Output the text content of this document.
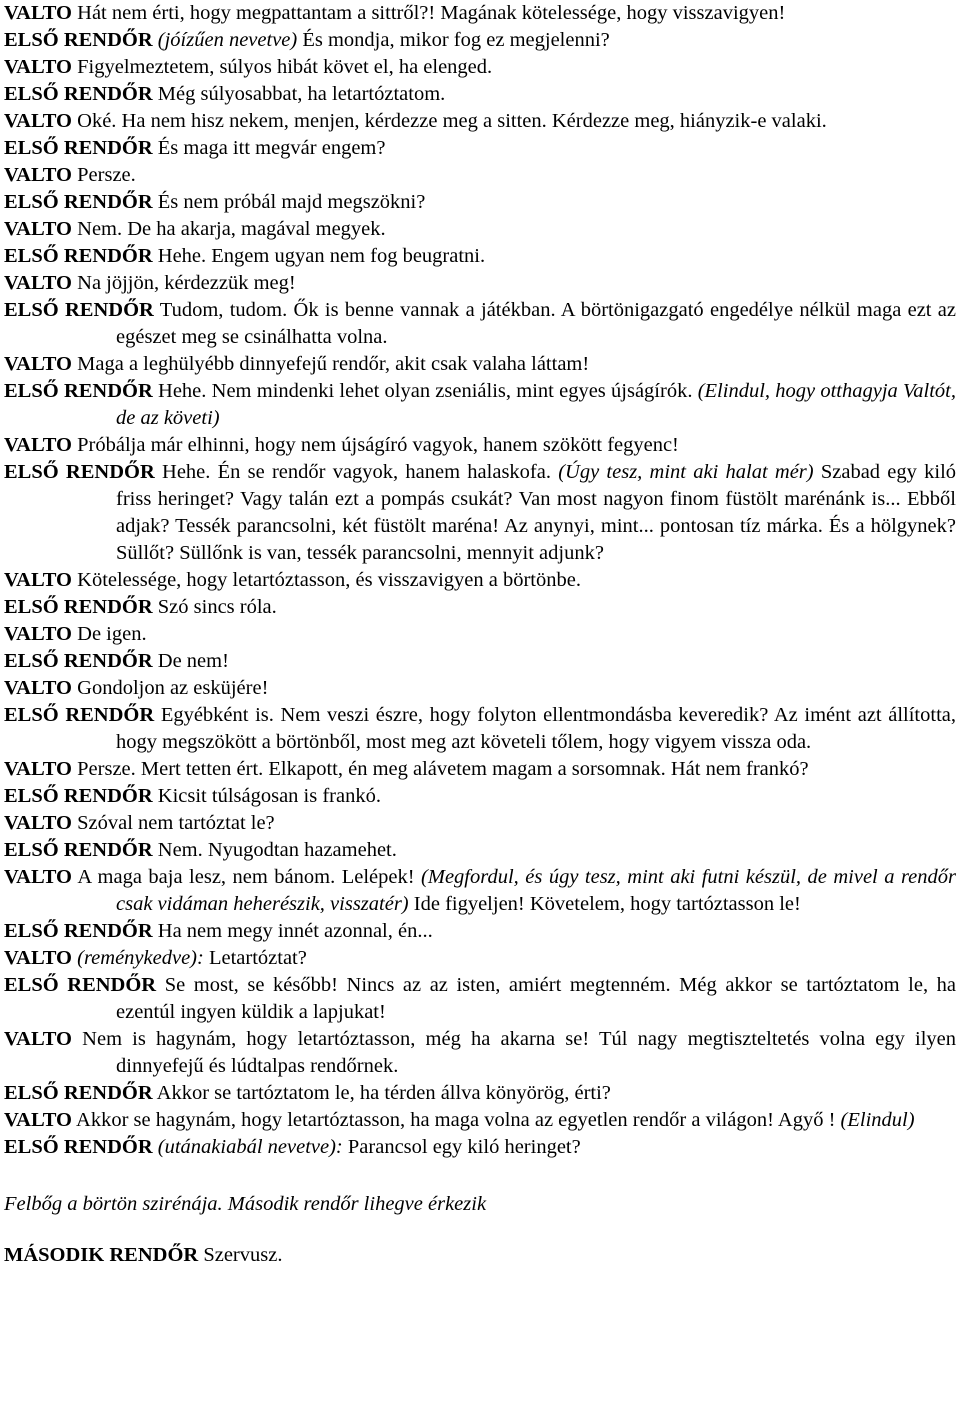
VALTO Hát nem érti, hogy megpattantam a sittről?! Magának kötelessége, hogy visszavigyen!
ELSŐ RENDŐR (jóízűen nevetve) És mondja, mikor fog ez megjelenni?
VALTO Figyelmeztetem, súlyos hibát követ el, ha elenged.
ELSŐ RENDŐR Még súlyosabbat, ha letartóztatom.
VALTO Oké. Ha nem hisz nekem, menjen, kérdezze meg a sitten. Kérdezze meg, hiányzik-e valaki.
ELSŐ RENDŐR És maga itt megvár engem?
VALTO Persze.
ELSŐ RENDŐR És nem próbál majd megszökni?
VALTO Nem. De ha akarja, magával megyek.
ELSŐ RENDŐR Hehe. Engem ugyan nem fog beugratni.
VALTO Na jöjjön, kérdezzük meg!
ELSŐ RENDŐR Tudom, tudom. Ők is benne vannak a játékban. A börtönigazgató engedélye nélkül maga ezt az egészet meg se csinálhatta volna.
VALTO Maga a leghülyébb dinnyefejű rendőr, akit csak valaha láttam!
ELSŐ RENDŐR Hehe. Nem mindenki lehet olyan zseniális, mint egyes újságírók. (Elindul, hogy otthagyja Valtót, de az követi)
VALTO Próbálja már elhinni, hogy nem újságíró vagyok, hanem szökött fegyenc!
ELSŐ RENDŐR Hehe. Én se rendőr vagyok, hanem halaskofa. (Úgy tesz, mint aki halat mér) Szabad egy kiló friss heringet? Vagy talán ezt a pompás csukát? Van most nagyon finom füstölt marénánk is... Ebből adjak? Tessék parancsolni, két füstölt maréna! Az anynyi, mint... pontosan tíz márka. És a hölgynek? Süllőt? Süllőnk is van, tessék parancsolni, mennyit adjunk?
VALTO Kötelessége, hogy letartóztasson, és visszavigyen a börtönbe.
ELSŐ RENDŐR Szó sincs róla.
VALTO De igen.
ELSŐ RENDŐR De nem!
VALTO Gondoljon az esküjére!
ELSŐ RENDŐR Egyébként is. Nem veszi észre, hogy folyton ellentmondásba keveredik? Az imént azt állította, hogy megszökött a börtönből, most meg azt követeli tőlem, hogy vigyem vissza oda.
VALTO Persze. Mert tetten ért. Elkapott, én meg alávetem magam a sorsomnak. Hát nem frankó?
ELSŐ RENDŐR Kicsit túlságosan is frankó.
VALTO Szóval nem tartóztat le?
ELSŐ RENDŐR Nem. Nyugodtan hazamehet.
VALTO A maga baja lesz, nem bánom. Lelépek! (Megfordul, és úgy tesz, mint aki futni készül, de mivel a rendőr csak vidáman heherészik, visszatér) Ide figyeljen! Követelem, hogy tartóztasson le!
ELSŐ RENDŐR Ha nem megy innét azonnal, én...
VALTO (reménykedve): Letartóztat?
ELSŐ RENDŐR Se most, se később! Nincs az az isten, amiért megtenném. Még akkor se tartóztatom le, ha ezentúl ingyen küldik a lapjukat!
VALTO Nem is hagynám, hogy letartóztasson, még ha akarna se! Túl nagy megtiszteltetés volna egy ilyen dinnyefejű és lúdtalpas rendőrnek.
ELSŐ RENDŐR Akkor se tartóztatom le, ha térden állva könyörög, érti?
VALTO Akkor se hagynám, hogy letartóztasson, ha maga volna az egyetlen rendőr a világon! Agyő ! (Elindul)
ELSŐ RENDŐR (utánakiabál nevetve): Parancsol egy kiló heringet?
Felbőg a börtön szirénája. Második rendőr lihegve érkezik
MÁSODIK RENDŐR Szervusz.
